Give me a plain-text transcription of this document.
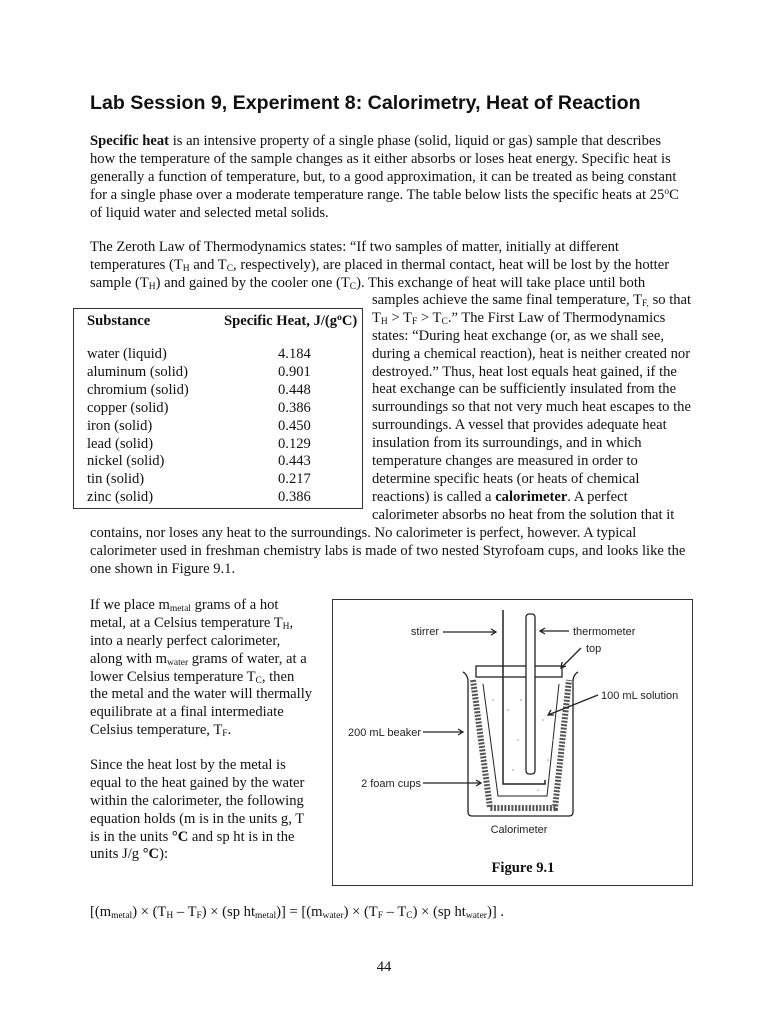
Lab Session 9, Experiment 8: Calorimetry, Heat of Reaction
Specific heat is an intensive property of a single phase (solid, liquid or gas) sample that describes
how the temperature of the sample changes as it either absorbs or loses heat energy. Specific heat is
generally a function of temperature, but, to a good approximation, it can be treated as being constant
for a single phase over a moderate temperature range. The table below lists the specific heats at 25$^o$C
of liquid water and selected metal solids.
The Zeroth Law of Thermodynamics states: “If two samples of matter, initially at different
temperatures ($T_H$ and $T_C$, respectively), are placed in thermal contact, heat will be lost by the hotter
sample $(T_H)$ and gained by the cooler one $(T_C)$. This exchange of heat will take place until both
samples achieve the same final temperature, $T_{F,}$ so that
$T_H > T_F > T_C$.” The First Law of Thermodynamics
states: “During heat exchange (or, as we shall see,
during a chemical reaction), heat is neither created nor
destroyed.” Thus, heat lost equals heat gained, if the
heat exchange can be sufficiently insulated from the
surroundings so that not very much heat escapes to the
surroundings. A vessel that provides adequate heat
insulation from its surroundings, and in which
temperature changes are measured in order to
determine specific heats (or heats of chemical
reactions) is called a calorimeter. A perfect
calorimeter absorbs no heat from the solution that it
contains, nor loses any heat to the surroundings. No calorimeter is perfect, however. A typical
calorimeter used in freshman chemistry labs is made of two nested Styrofoam cups, and looks like the
one shown in Figure 9.1.
If we place $m_{metal}$ grams of a hot
metal, at a Celsius temperature $T_H$,
into a nearly perfect calorimeter,
along with $m_{water}$ grams of water, at a
lower Celsius temperature $T_C$, then
the metal and the water will thermally
equilibrate at a final intermediate
Celsius temperature, $T_F$.
Since the heat lost by the metal is
equal to the heat gained by the water
within the calorimeter, the following
equation holds (m is in the units g, T
is in the units °C and sp ht is in the
units J/g °C):
[$(m_{metal}) \times (T_H - T_F) \times (sp$ $ht_{metal})] = [(m_{water}) \times (T_F - T_C) \times (sp$ $ht_{water}$)] .
Substance	Specific Heat, $J/(g^oC)$
water (liquid)	4.184
aluminum (solid)	0.901
chromium (solid)	0.448
copper (solid)	0.386
iron (solid)	0.450
lead (solid)	0.129
nickel (solid)	0.443
tin (solid)	0.217
zinc (solid)	0.386
stirrer	thermometer
top
100 mL solution
200 mL beaker
2 foam cups
Calorimeter
Figure 9.1
44
